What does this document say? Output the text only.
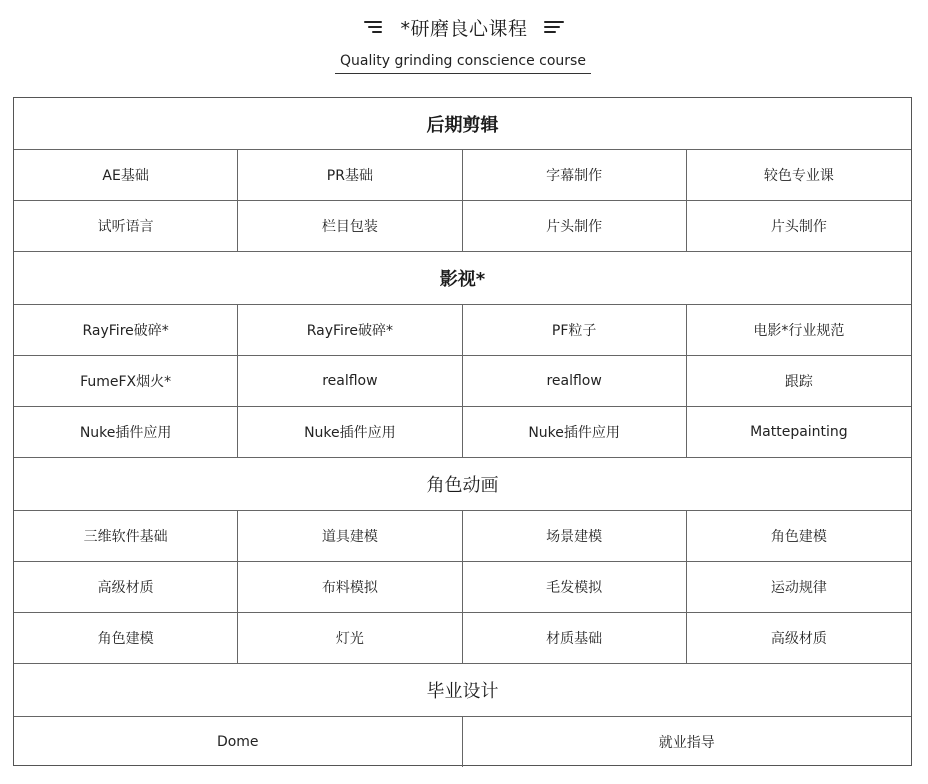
*研磨良心课程
Quality grinding conscience course
后期剪辑
AE基础	PR基础	字幕制作	较色专业课
试听语言	栏目包装	片头制作	片头制作
影视*
RayFire破碎*	RayFire破碎*	PF粒子	电影*行业规范
FumeFX烟火*	realflow	realflow	跟踪
Nuke插件应用	Nuke插件应用	Nuke插件应用	Mattepainting
角色动画
三维软件基础	道具建模	场景建模	角色建模
高级材质	布料模拟	毛发模拟	运动规律
角色建模	灯光	材质基础	高级材质
毕业设计
Dome	就业指导
